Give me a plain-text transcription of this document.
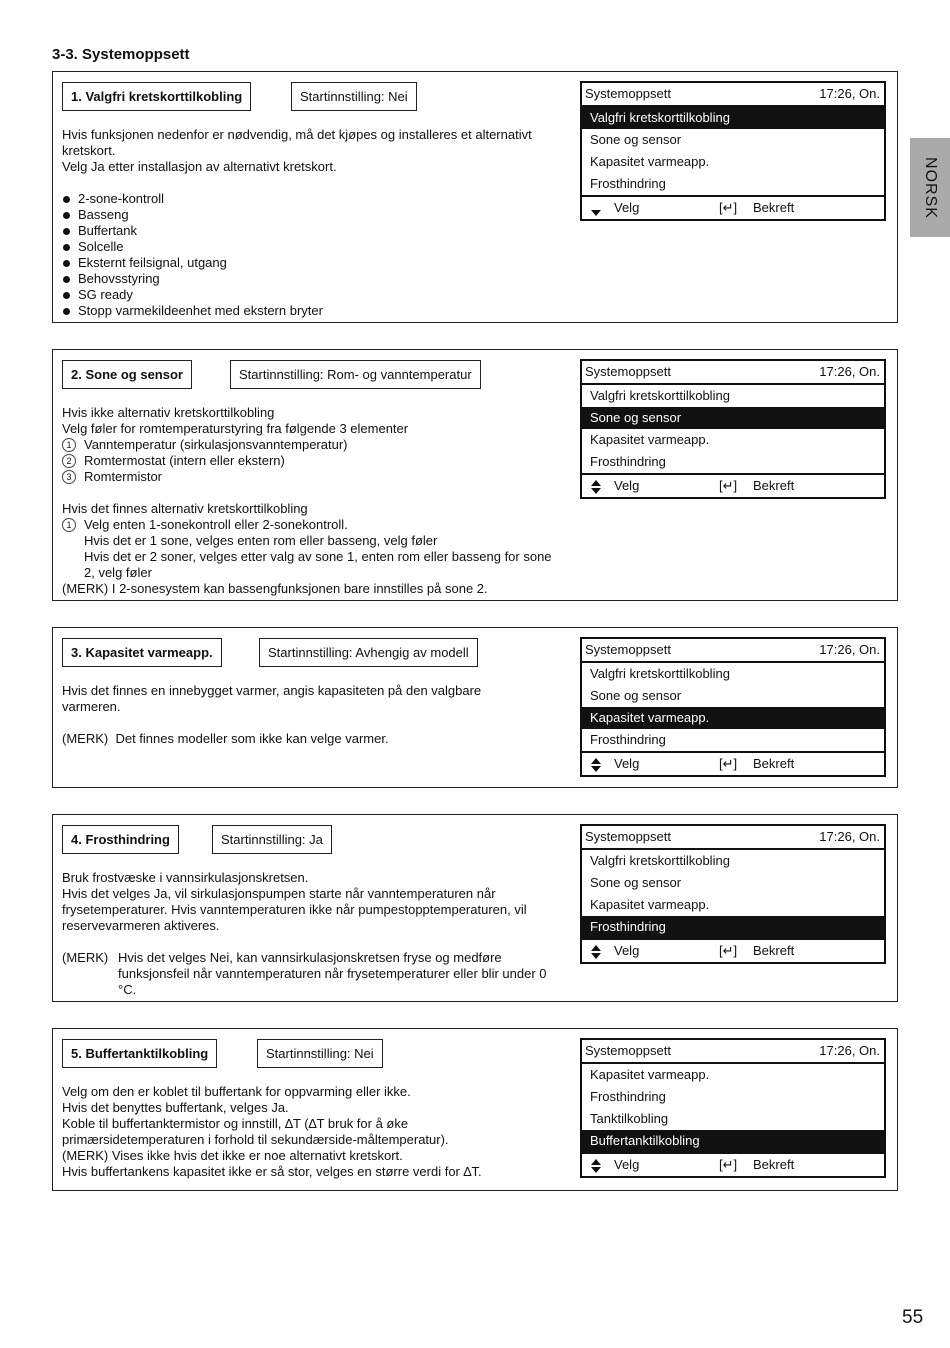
3-3. Systemoppsett
1. Valgfri kretskorttilkobling	Startinnstilling: Nei

Hvis funksjonen nedenfor er nødvendig, må det kjøpes og installeres et alternativt kretskort.

Velg Ja etter installasjon av alternativt kretskort.

2-sone-kontroll
Basseng
Buffertank
Solcelle
Eksternt feilsignal, utgang
Behovsstyring
SG ready
Stopp varmekildeenhet med ekstern bryter
Systemoppsett	17:26, On.
Valgfri kretskorttilkobling
Sone og sensor
Kapasitet varmeapp.
Frosthindring
Velg	[↵] Bekreft
2. Sone og sensor	Startinnstilling: Rom- og vanntemperatur

Hvis ikke alternativ kretskorttilkobling

Velg føler for romtemperaturstyring fra følgende 3 elementer

1 Vanntemperatur (sirkulasjonsvanntemperatur)

2 Romtermostat (intern eller ekstern)

3 Romtermistor

Hvis det finnes alternativ kretskorttilkobling

1 Velg enten 1-sonekontroll eller 2-sonekontroll.

Hvis det er 1 sone, velges enten rom eller basseng, velg føler

Hvis det er 2 soner, velges etter valg av sone 1, enten rom eller basseng for sone 2, velg føler

(MERK) I 2-sonesystem kan bassengfunksjonen bare innstilles på sone 2.

Systemoppsett	17:26, On.
Valgfri kretskorttilkobling
Sone og sensor
Kapasitet varmeapp.
Frosthindring
Velg	[↵] Bekreft
3. Kapasitet varmeapp.	Startinnstilling: Avhengig av modell

Hvis det finnes en innebygget varmer, angis kapasiteten på den valgbare varmeren.

(MERK) Det finnes modeller som ikke kan velge varmer.

Systemoppsett	17:26, On.
Valgfri kretskorttilkobling
Sone og sensor
Kapasitet varmeapp.
Frosthindring
Velg	[↵] Bekreft
4. Frosthindring	Startinnstilling: Ja

Bruk frostvæske i vannsirkulasjonskretsen.

Hvis det velges Ja, vil sirkulasjonspumpen starte når vanntemperaturen når frysetemperaturer. Hvis vanntemperaturen ikke når pumpestopptemperaturen, vil reservevarmeren aktiveres.

(MERK) Hvis det velges Nei, kan vannsirkulasjonskretsen fryse og medføre funksjonsfeil når vanntemperaturen når frysetemperaturer eller blir under 0 °C.
Systemoppsett	17:26, On.
Valgfri kretskorttilkobling
Sone og sensor
Kapasitet varmeapp.
Frosthindring
Velg	[↵] Bekreft
5. Buffertanktilkobling	Startinnstilling: Nei

Velg om den er koblet til buffertank for oppvarming eller ikke.

Hvis det benyttes buffertank, velges Ja.

Koble til buffertanktermistor og innstill, ∆T (∆T bruk for å øke primærsidetemperaturen i forhold til sekundærside-måltemperatur).

(MERK) Vises ikke hvis det ikke er noe alternativt kretskort.

Hvis buffertankens kapasitet ikke er så stor, velges en større verdi for ∆T.

Systemoppsett	17:26, On.
Kapasitet varmeapp.
Frosthindring
Tanktilkobling
Buffertanktilkobling
Velg	[↵] Bekreft
NORSK
55
